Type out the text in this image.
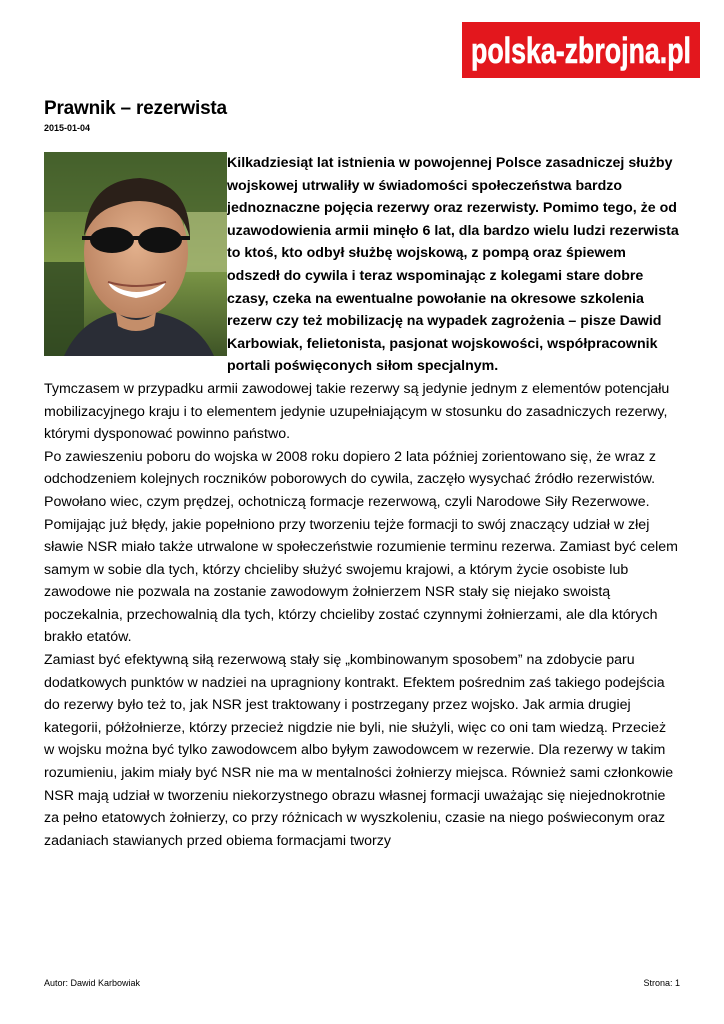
polska-zbrojna.pl
Prawnik – rezerwista
2015-01-04

Kilkadziesiąt lat istnienia w powojennej Polsce zasadniczej służby wojskowej utrwaliły w świadomości społeczeństwa bardzo jednoznaczne pojęcia rezerwy oraz rezerwisty. Pomimo tego, że od uzawodowienia armii minęło 6 lat, dla bardzo wielu ludzi rezerwista to ktoś, kto odbył służbę wojskową, z pompą oraz śpiewem odszedł do cywila i teraz wspominając z kolegami stare dobre czasy, czeka na ewentualne powołanie na okresowe szkolenia rezerw czy też mobilizację na wypadek zagrożenia – pisze Dawid Karbowiak, felietonista, pasjonat wojskowości, współpracownik portali poświęconych siłom specjalnym.

Tymczasem w przypadku armii zawodowej takie rezerwy są jedynie jednym z elementów potencjału mobilizacyjnego kraju i to elementem jedynie uzupełniającym w stosunku do zasadniczych rezerwy, którymi dysponować powinno państwo.

Po zawieszeniu poboru do wojska w 2008 roku dopiero 2 lata później zorientowano się, że wraz z odchodzeniem kolejnych roczników poborowych do cywila, zaczęło wysychać źródło rezerwistów. Powołano wiec, czym prędzej, ochotniczą formacje rezerwową, czyli Narodowe Siły Rezerwowe. Pomijając już błędy, jakie popełniono przy tworzeniu tejże formacji to swój znaczący udział w złej sławie NSR miało także utrwalone w społeczeństwie rozumienie terminu rezerwa. Zamiast być celem samym w sobie dla tych, którzy chcieliby służyć swojemu krajowi, a którym życie osobiste lub zawodowe nie pozwala na zostanie zawodowym żołnierzem NSR stały się niejako swoistą poczekalnia, przechowalnią dla tych, którzy chcieliby zostać czynnymi żołnierzami, ale dla których brakło etatów.

Zamiast być efektywną siłą rezerwową stały się „kombinowanym sposobem” na zdobycie paru dodatkowych punktów w nadziei na upragniony kontrakt. Efektem pośrednim zaś takiego podejścia do rezerwy było też to, jak NSR jest traktowany i postrzegany przez wojsko. Jak armia drugiej kategorii, półżołnierze, którzy przecież nigdzie nie byli, nie służyli, więc co oni tam wiedzą. Przecież w wojsku można być tylko zawodowcem albo byłym zawodowcem w rezerwie. Dla rezerwy w takim rozumieniu, jakim miały być NSR nie ma w mentalności żołnierzy miejsca. Również sami członkowie NSR mają udział w tworzeniu niekorzystnego obrazu własnej formacji uważając się niejednokrotnie za pełno etatowych żołnierzy, co przy różnicach w wyszkoleniu, czasie na niego poświeconym oraz zadaniach stawianych przed obiema formacjami tworzy

Autor: Dawid Karbowiak	Strona: 1
